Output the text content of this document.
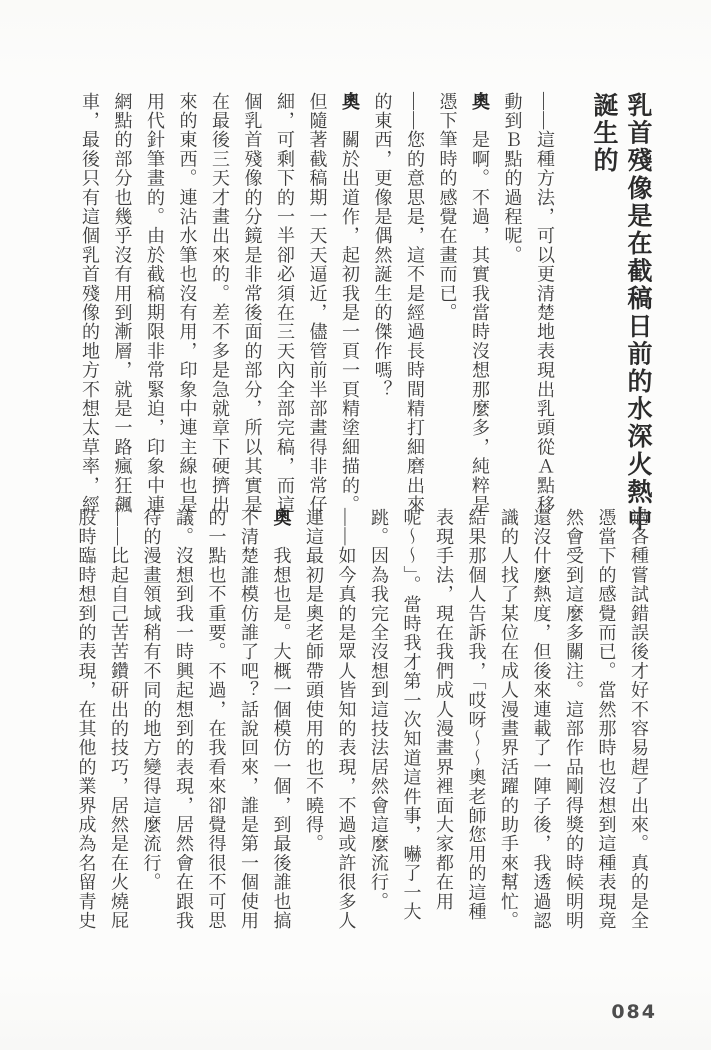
乳首殘像是在截稿日前的水深火熱中
誕生的
——這種方法，可以更清楚地表現出乳頭從Ａ點移
動到Ｂ點的過程呢。
奧　是啊。不過，其實我當時沒想那麼多，純粹是
憑下筆時的感覺在畫而已。
——您的意思是，這不是經過長時間精打細磨出來
的東西，更像是偶然誕生的傑作嗎？
奧　關於出道作，起初我是一頁一頁精塗細描的。
但隨著截稿期一天天逼近，儘管前半部畫得非常仔
細，可剩下的一半卻必須在三天內全部完稿，而這
個乳首殘像的分鏡是非常後面的部分，所以其實是
在最後三天才畫出來的。差不多是急就章下硬擠出
來的東西。連沾水筆也沒有用，印象中連主線也是
用代針筆畫的。由於截稿期限非常緊迫，印象中連
網點的部分也幾乎沒有用到漸層，就是一路瘋狂飆
車，最後只有這個乳首殘像的地方不想太草率，經
過各種嘗試錯誤後才好不容易趕了出來。真的是全
憑當下的感覺而已。當然那時也沒想到這種表現竟
然會受到這麼多關注。這部作品剛得獎的時候明明
還沒什麼熱度，但後來連載了一陣子後，我透過認
識的人找了某位在成人漫畫界活躍的助手來幫忙。
結果那個人告訴我，「哎呀～～奧老師您用的這種
表現手法，現在我們成人漫畫界裡面大家都在用
呢～～」。當時我才第一次知道這件事，嚇了一大
跳。因為我完全沒想到這技法居然會這麼流行。
——如今真的是眾人皆知的表現，不過或許很多人
連這最初是奧老師帶頭使用的也不曉得。
奧　我想也是。大概一個模仿一個，到最後誰也搞
不清楚誰模仿誰了吧？話說回來，誰是第一個使用
的一點也不重要。不過，在我看來卻覺得很不可思
議。沒想到我一時興起想到的表現，居然會在跟我
待的漫畫領域稍有不同的地方變得這麼流行。
——比起自己苦苦鑽研出的技巧，居然是在火燒屁
股時臨時想到的表現，在其他的業界成為名留青史
084
